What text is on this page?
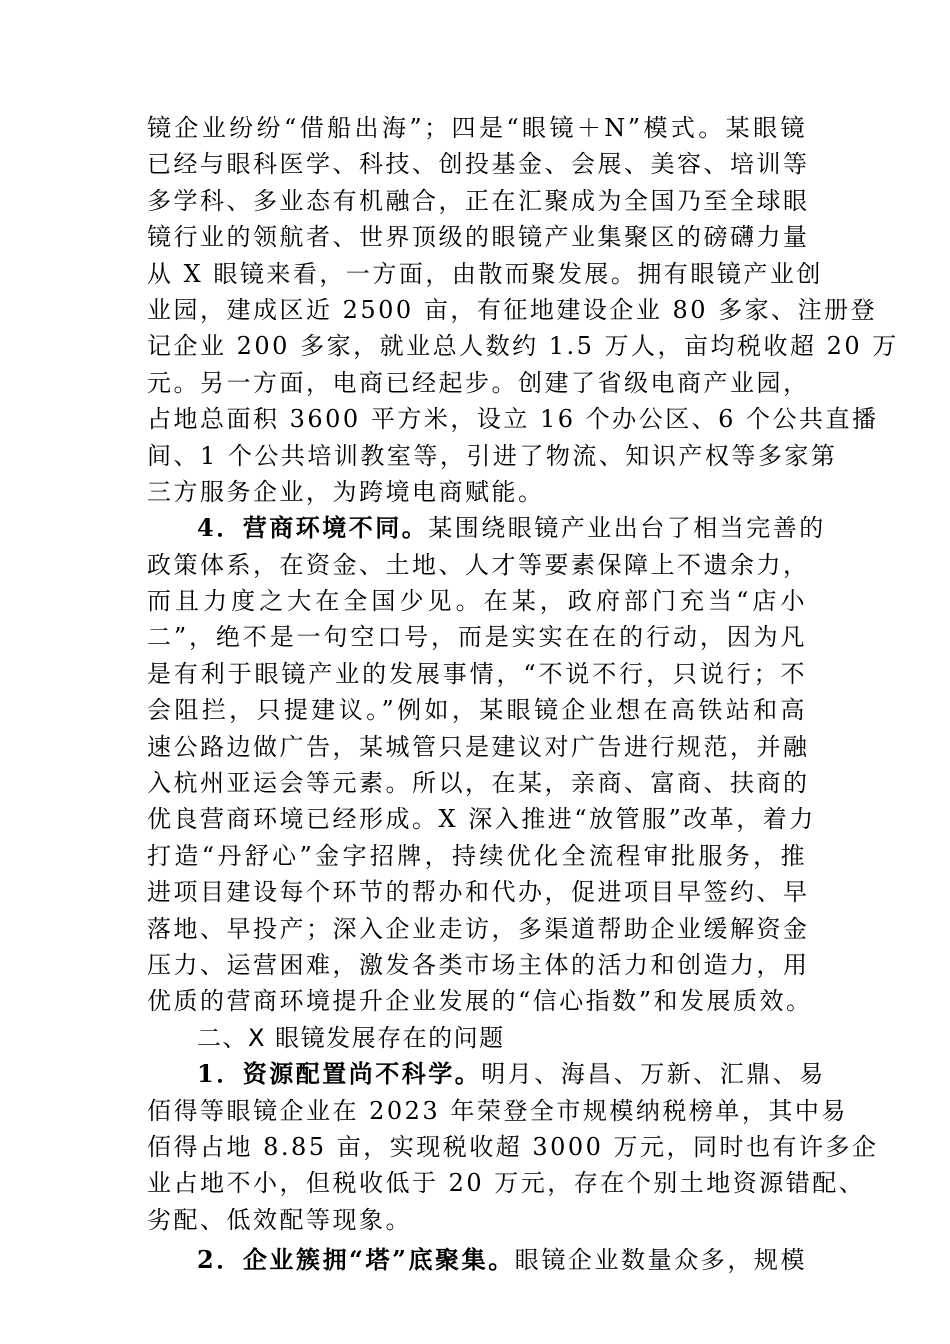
镜企业纷纷“借船出海”；四是“眼镜＋N”模式。某眼镜
已经与眼科医学、科技、创投基金、会展、美容、培训等
多学科、多业态有机融合，正在汇聚成为全国乃至全球眼
镜行业的领航者、世界顶级的眼镜产业集聚区的磅礴力量
从 X 眼镜来看，一方面，由散而聚发展。拥有眼镜产业创
业园，建成区近 2500 亩，有征地建设企业 80 多家、注册登
记企业 200 多家，就业总人数约 1.5 万人，亩均税收超 20 万
元。另一方面，电商已经起步。创建了省级电商产业园，
占地总面积 3600 平方米，设立 16 个办公区、6 个公共直播
间、1 个公共培训教室等，引进了物流、知识产权等多家第
三方服务企业，为跨境电商赋能。
4．营商环境不同。某围绕眼镜产业出台了相当完善的
政策体系，在资金、土地、人才等要素保障上不遗余力，
而且力度之大在全国少见。在某，政府部门充当“店小
二”，绝不是一句空口号，而是实实在在的行动，因为凡
是有利于眼镜产业的发展事情，“不说不行，只说行；不
会阻拦，只提建议。”例如，某眼镜企业想在高铁站和高
速公路边做广告，某城管只是建议对广告进行规范，并融
入杭州亚运会等元素。所以，在某，亲商、富商、扶商的
优良营商环境已经形成。X 深入推进“放管服”改革，着力
打造“丹舒心”金字招牌，持续优化全流程审批服务，推
进项目建设每个环节的帮办和代办，促进项目早签约、早
落地、早投产；深入企业走访，多渠道帮助企业缓解资金
压力、运营困难，激发各类市场主体的活力和创造力，用
优质的营商环境提升企业发展的“信心指数”和发展质效。
二、X 眼镜发展存在的问题
1．资源配置尚不科学。明月、海昌、万新、汇鼎、易
佰得等眼镜企业在 2023 年荣登全市规模纳税榜单，其中易
佰得占地 8.85 亩，实现税收超 3000 万元，同时也有许多企
业占地不小，但税收低于 20 万元，存在个别土地资源错配、
劣配、低效配等现象。
2．企业簇拥“塔”底聚集。眼镜企业数量众多，规模
